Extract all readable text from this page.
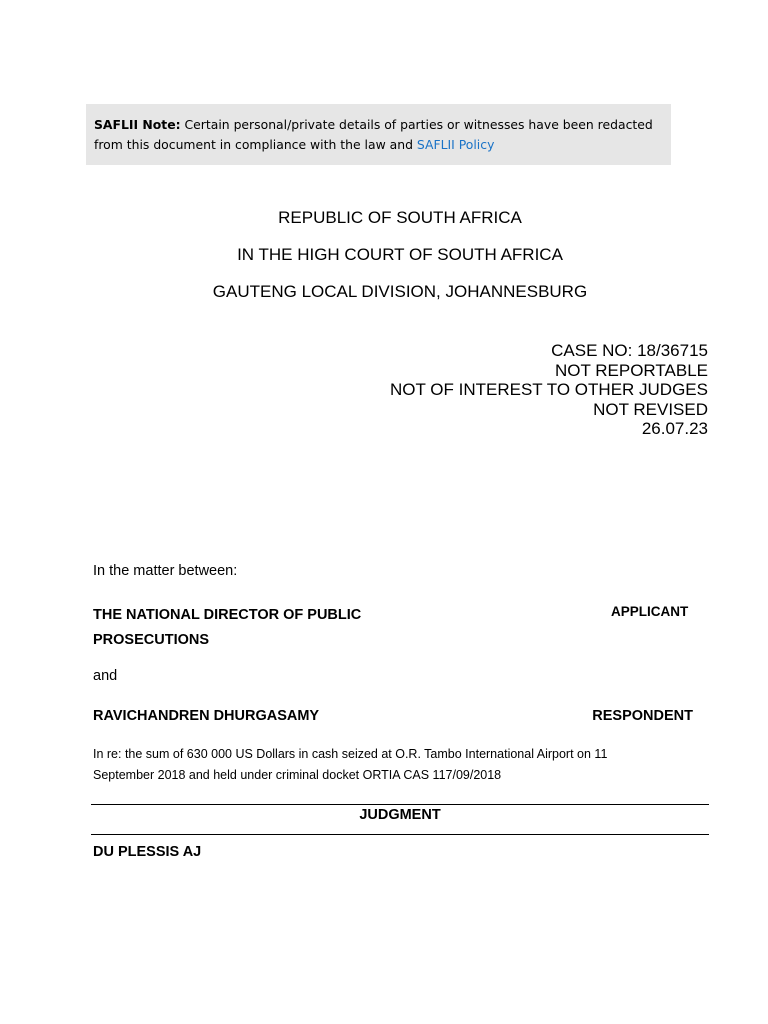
SAFLII Note: Certain personal/private details of parties or witnesses have been redacted from this document in compliance with the law and SAFLII Policy
REPUBLIC OF SOUTH AFRICA
IN THE HIGH COURT OF SOUTH AFRICA
GAUTENG LOCAL DIVISION, JOHANNESBURG
CASE NO: 18/36715
NOT REPORTABLE
NOT OF INTEREST TO OTHER JUDGES
NOT REVISED
26.07.23
In the matter between:
THE NATIONAL DIRECTOR OF PUBLIC PROSECUTIONS
APPLICANT
and
RAVICHANDREN DHURGASAMY	RESPONDENT
In re: the sum of 630 000 US Dollars in cash seized at O.R. Tambo International Airport on 11 September 2018 and held under criminal docket ORTIA CAS 117/09/2018
JUDGMENT
DU PLESSIS AJ
